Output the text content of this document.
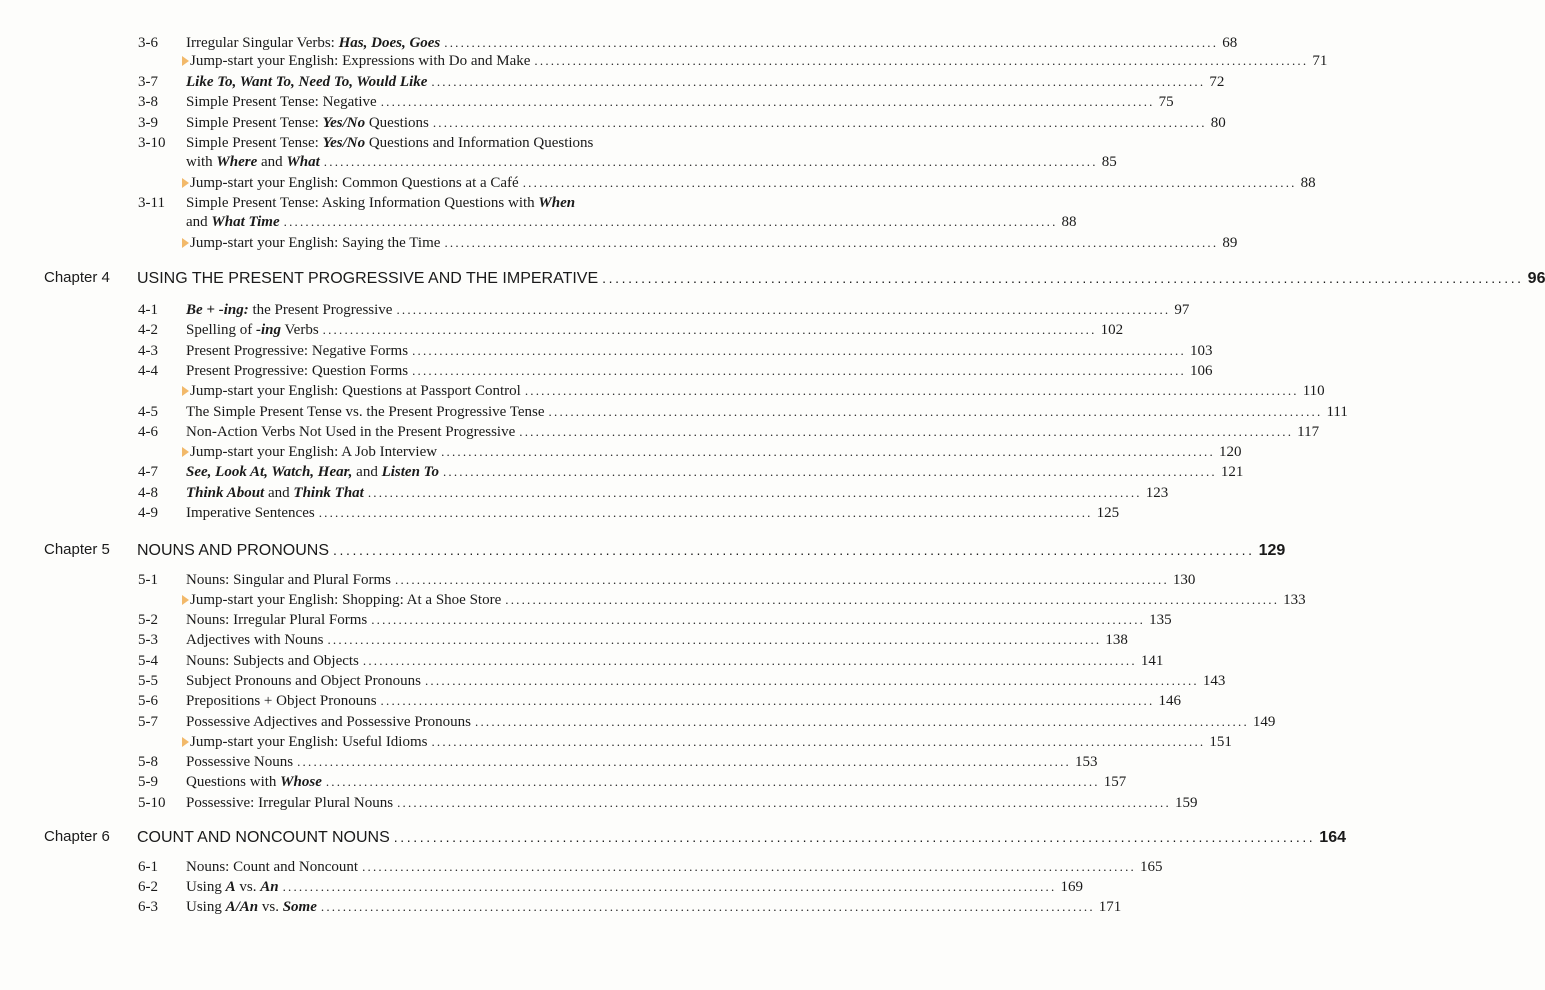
3-6 Irregular Singular Verbs: Has, Does, Goes .............................................................................................................................................. 68
Jump-start your English: Expressions with Do and Make .............................................................................................................................................. 71
3-7 Like To, Want To, Need To, Would Like .............................................................................................................................................. 72
3-8 Simple Present Tense: Negative .............................................................................................................................................. 75
3-9 Simple Present Tense: Yes/No Questions .............................................................................................................................................. 80
3-10 Simple Present Tense: Yes/No Questions and Information Questions
with Where and What .............................................................................................................................................. 85
Jump-start your English: Common Questions at a Café .............................................................................................................................................. 88
3-11 Simple Present Tense: Asking Information Questions with When
and What Time .............................................................................................................................................. 88
Jump-start your English: Saying the Time .............................................................................................................................................. 89
Chapter 4 USING THE PRESENT PROGRESSIVE AND THE IMPERATIVE .............................................................................................................................................. 96
4-1 Be + -ing: the Present Progressive .............................................................................................................................................. 97
4-2 Spelling of -ing Verbs .............................................................................................................................................. 102
4-3 Present Progressive: Negative Forms .............................................................................................................................................. 103
4-4 Present Progressive: Question Forms .............................................................................................................................................. 106
Jump-start your English: Questions at Passport Control .............................................................................................................................................. 110
4-5 The Simple Present Tense vs. the Present Progressive Tense .............................................................................................................................................. 111
4-6 Non-Action Verbs Not Used in the Present Progressive .............................................................................................................................................. 117
Jump-start your English: A Job Interview .............................................................................................................................................. 120
4-7 See, Look At, Watch, Hear, and Listen To .............................................................................................................................................. 121
4-8 Think About and Think That .............................................................................................................................................. 123
4-9 Imperative Sentences .............................................................................................................................................. 125
Chapter 5 NOUNS AND PRONOUNS .............................................................................................................................................. 129
5-1 Nouns: Singular and Plural Forms .............................................................................................................................................. 130
Jump-start your English: Shopping: At a Shoe Store .............................................................................................................................................. 133
5-2 Nouns: Irregular Plural Forms .............................................................................................................................................. 135
5-3 Adjectives with Nouns .............................................................................................................................................. 138
5-4 Nouns: Subjects and Objects .............................................................................................................................................. 141
5-5 Subject Pronouns and Object Pronouns .............................................................................................................................................. 143
5-6 Prepositions + Object Pronouns .............................................................................................................................................. 146
5-7 Possessive Adjectives and Possessive Pronouns .............................................................................................................................................. 149
Jump-start your English: Useful Idioms .............................................................................................................................................. 151
5-8 Possessive Nouns .............................................................................................................................................. 153
5-9 Questions with Whose .............................................................................................................................................. 157
5-10 Possessive: Irregular Plural Nouns .............................................................................................................................................. 159
Chapter 6 COUNT AND NONCOUNT NOUNS .............................................................................................................................................. 164
6-1 Nouns: Count and Noncount .............................................................................................................................................. 165
6-2 Using A vs. An .............................................................................................................................................. 169
6-3 Using A/An vs. Some .............................................................................................................................................. 171
